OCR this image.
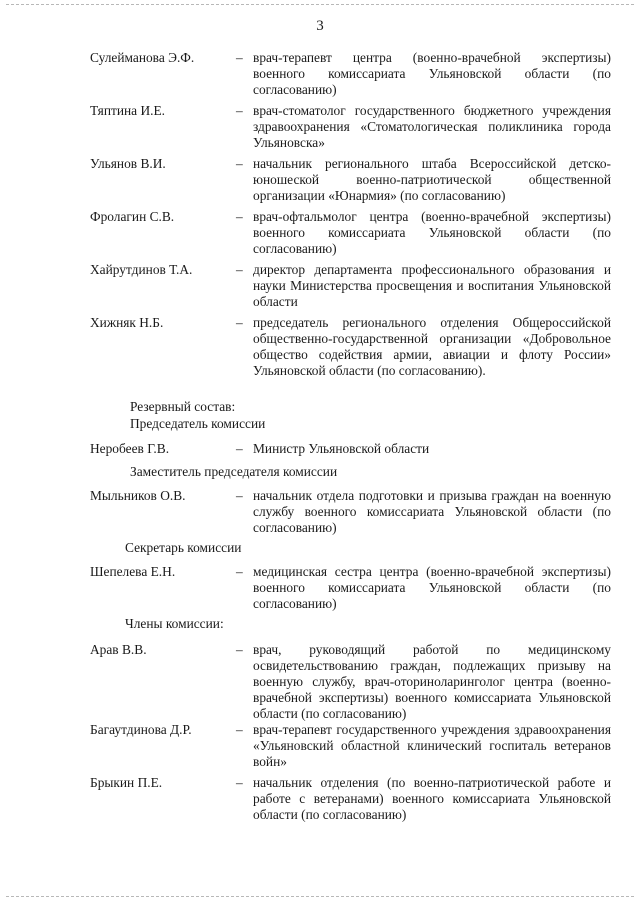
3
Сулейманова Э.Ф.	– врач-терапевт центра (военно-врачебной экспертизы) военного комиссариата Ульяновской области (по согласованию)
Тяптина И.Е.	– врач-стоматолог государственного бюджетного учреждения здравоохранения «Стоматологическая поликлиника города Ульяновска»
Ульянов В.И.	– начальник регионального штаба Всероссийской детско-юношеской военно-патриотической общественной организации «Юнармия» (по согласованию)
Фролагин С.В.	– врач-офтальмолог центра (военно-врачебной экспертизы) военного комиссариата Ульяновской области (по согласованию)
Хайрутдинов Т.А.	– директор департамента профессионального образования и науки Министерства просвещения и воспитания Ульяновской области
Хижняк Н.Б.	– председатель регионального отделения Общероссийской общественно-государственной организации «Добровольное общество содействия армии, авиации и флоту России» Ульяновской области (по согласованию).
Резервный состав:
Председатель комиссии
Неробеев Г.В.	– Министр Ульяновской области
Заместитель председателя комиссии
Мыльников О.В.	– начальник отдела подготовки и призыва граждан на военную службу военного комиссариата Ульяновской области (по согласованию)
Секретарь комиссии
Шепелева Е.Н.	– медицинская сестра центра (военно-врачебной экспертизы) военного комиссариата Ульяновской области (по согласованию)
Члены комиссии:
Арав В.В.	– врач, руководящий работой по медицинскому освидетельствованию граждан, подлежащих призыву на военную службу, врач-оториноларинголог центра (военно-врачебной экспертизы) военного комиссариата Ульяновской области (по согласованию)
Багаутдинова Д.Р.	– врач-терапевт государственного учреждения здравоохранения «Ульяновский областной клинический госпиталь ветеранов войн»
Брыкин П.Е.	– начальник отделения (по военно-патриотической работе и работе с ветеранами) военного комиссариата Ульяновской области (по согласованию)
